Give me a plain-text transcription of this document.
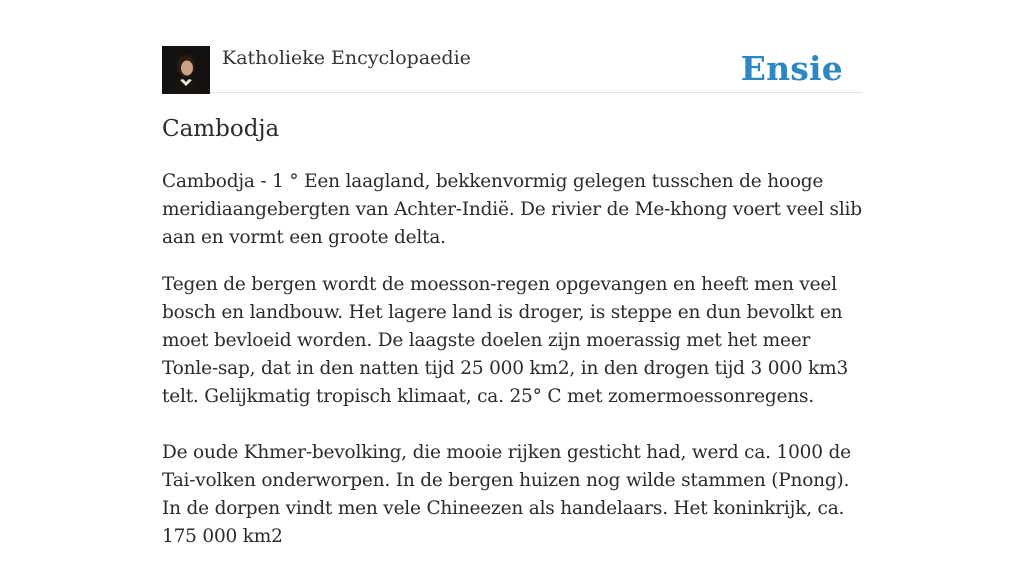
Katholieke Encyclopaedie	Ensie
Cambodja

Cambodja - 1 ° Een laagland, bekkenvormig gelegen tusschen de hooge meridiaangebergten van Achter-Indië. De rivier de Me-khong voert veel slib aan en vormt een groote delta.

Tegen de bergen wordt de moesson-regen opgevangen en heeft men veel bosch en landbouw. Het lagere land is droger, is steppe en dun bevolkt en moet bevloeid worden. De laagste doelen zijn moerassig met het meer Tonle-sap, dat in den natten tijd 25 000 km2, in den drogen tijd 3 000 km3 telt. Gelijkmatig tropisch klimaat, ca. 25° C met zomermoessonregens.

De oude Khmer-bevolking, die mooie rijken gesticht had, werd ca. 1000 de Tai-volken onderworpen. In de bergen huizen nog wilde stammen (Pnong). In de dorpen vindt men vele Chineezen als handelaars. Het koninkrijk, ca. 175 000 km2
